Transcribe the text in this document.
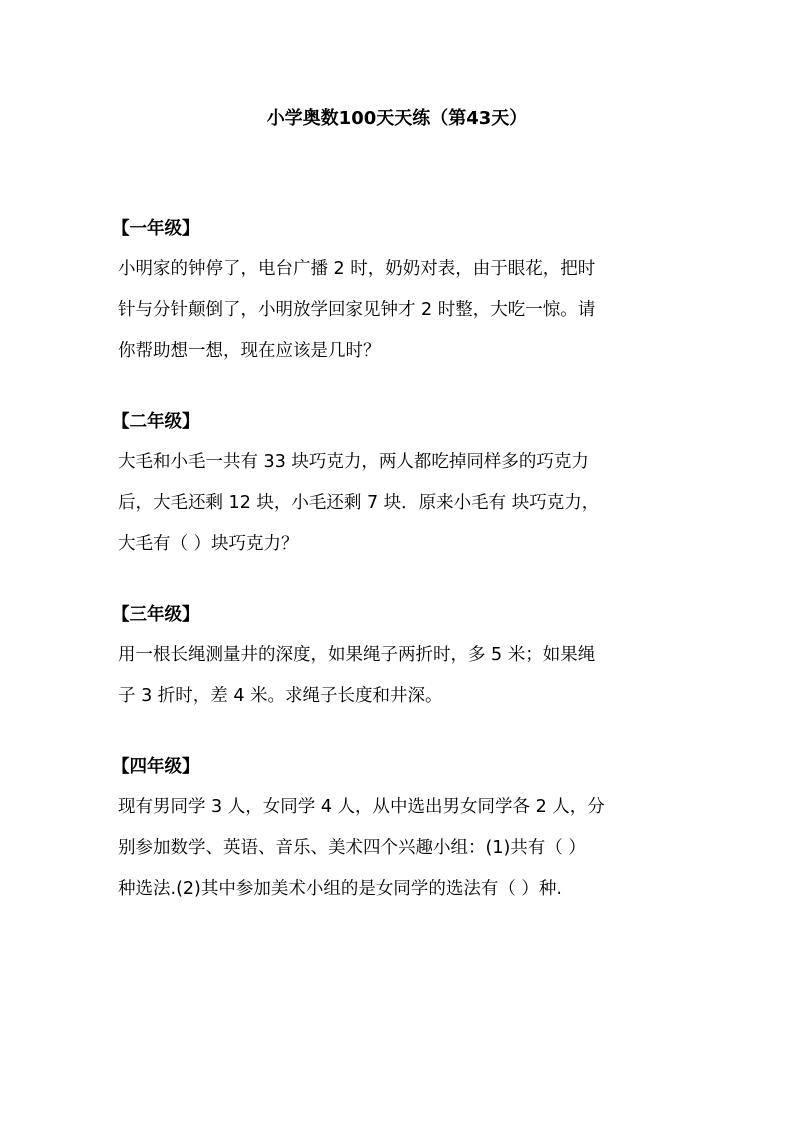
小学奥数100天天练（第43天）
【一年级】

小明家的钟停了，电台广播 2 时，奶奶对表，由于眼花，把时
针与分针颠倒了，小明放学回家见钟才 2 时整，大吃一惊。请
你帮助想一想，现在应该是几时？

【二年级】

大毛和小毛一共有 33 块巧克力，两人都吃掉同样多的巧克力
后，大毛还剩 12 块，小毛还剩 7 块．原来小毛有 块巧克力，
大毛有（ ）块巧克力？

【三年级】

用一根长绳测量井的深度，如果绳子两折时，多 5 米；如果绳
子 3 折时，差 4 米。求绳子长度和井深。

【四年级】

现有男同学 3 人，女同学 4 人，从中选出男女同学各 2 人，分
别参加数学、英语、音乐、美术四个兴趣小组：(1)共有（ ）
种选法.(2)其中参加美术小组的是女同学的选法有（ ）种.
